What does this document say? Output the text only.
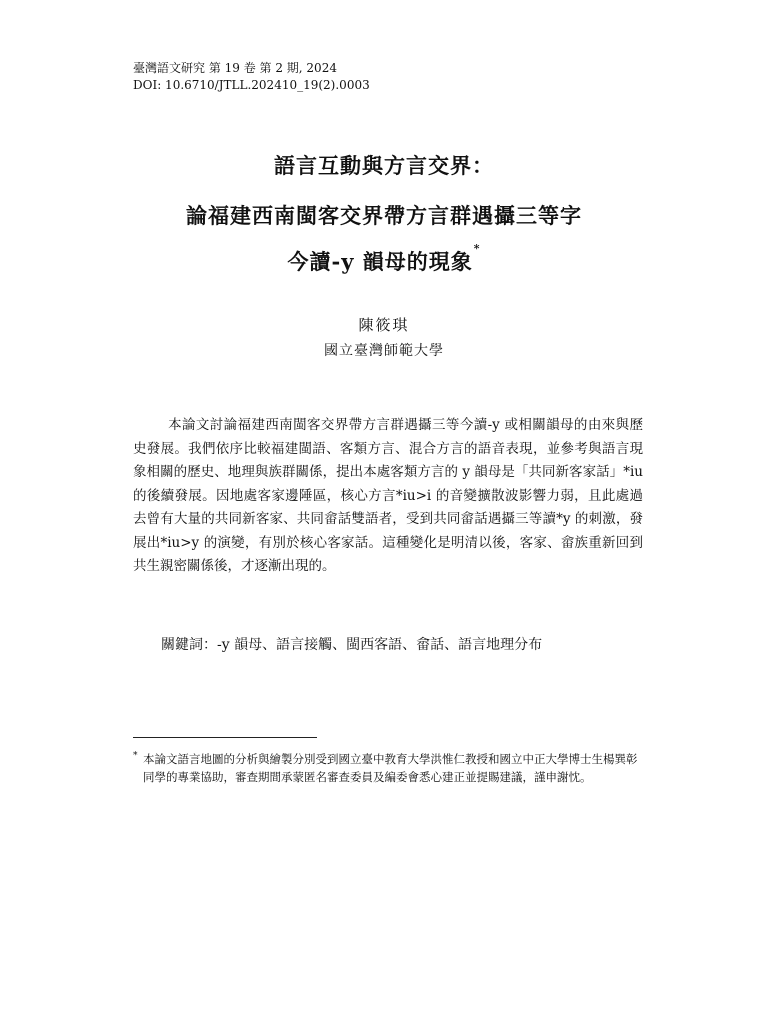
臺灣語文研究 第 19 卷 第 2 期, 2024
DOI: 10.6710/JTLL.202410_19(2).0003
語言互動與方言交界：
論福建西南閩客交界帶方言群遇攝三等字
今讀-y 韻母的現象*
陳筱琪
國立臺灣師範大學

本論文討論福建西南閩客交界帶方言群遇攝三等今讀-y 或相關韻母的由來與歷史發展。我們依序比較福建閩語、客類方言、混合方言的語音表現，並參考與語言現象相關的歷史、地理與族群關係，提出本處客類方言的 y 韻母是「共同新客家話」*iu 的後續發展。因地處客家邊陲區，核心方言*iu>i 的音變擴散波影響力弱，且此處過去曾有大量的共同新客家、共同畲話雙語者，受到共同畲話遇攝三等讀*y 的刺激，發展出*iu>y 的演變，有別於核心客家話。這種變化是明清以後，客家、畲族重新回到共生親密關係後，才逐漸出現的。

關鍵詞：-y 韻母、語言接觸、閩西客語、畲話、語言地理分布
* 本論文語言地圖的分析與繪製分別受到國立臺中教育大學洪惟仁教授和國立中正大學博士生楊巽彰同學的專業協助，審查期間承蒙匿名審查委員及編委會悉心建正並提賜建議，謹申謝忱。
